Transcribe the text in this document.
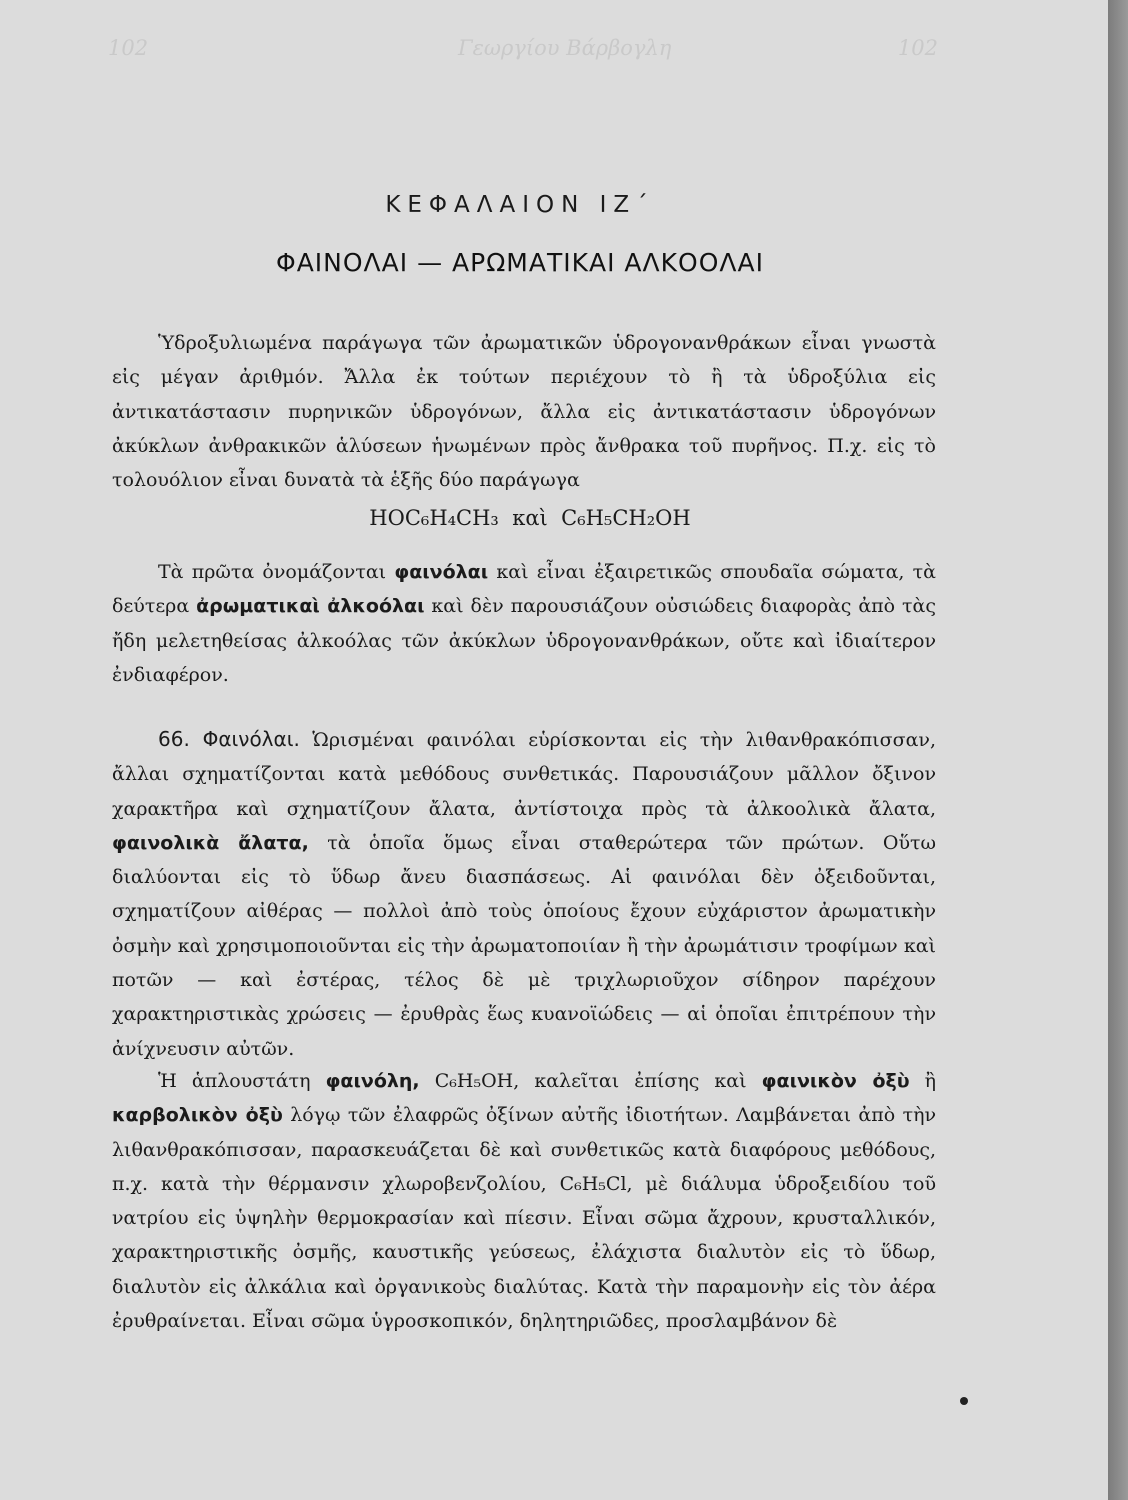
102	Γεωργίου Βάρβογλη	102
ΚΕΦΑΛΑΙΟΝ ΙΖ΄
ΦΑΙΝΟΛΑΙ — ΑΡΩΜΑΤΙΚΑΙ ΑΛΚΟΟΛΑΙ
Ὑδροξυλιωμένα παράγωγα τῶν ἀρωματικῶν ὑδρογονανθράκων εἶναι γνωστὰ εἰς μέγαν ἀριθμόν. Ἄλλα ἐκ τούτων περιέχουν τὸ ἢ τὰ ὑδροξύλια εἰς ἀντικατάστασιν πυρηνικῶν ὑδρογόνων, ἄλλα εἰς ἀντικατάστασιν ὑδρογόνων ἀκύκλων ἀνθρακικῶν ἁλύσεων ἡνωμένων πρὸς ἄνθρακα τοῦ πυρῆνος. Π.χ. εἰς τὸ τολουόλιον εἶναι δυνατὰ τὰ ἑξῆς δύο παράγωγα
HOC₆H₄CH₃ καὶ C₆H₅CH₂OH
Τὰ πρῶτα ὀνομάζονται φαινόλαι καὶ εἶναι ἐξαιρετικῶς σπουδαῖα σώματα, τὰ δεύτερα ἀρωματικαὶ ἀλκοόλαι καὶ δὲν παρουσιάζουν οὐσιώδεις διαφορὰς ἀπὸ τὰς ἤδη μελετηθείσας ἀλκοόλας τῶν ἀκύκλων ὑδρογονανθράκων, οὔτε καὶ ἰδιαίτερον ἐνδιαφέρον.
66. Φαινόλαι. Ὡρισμέναι φαινόλαι εὑρίσκονται εἰς τὴν λιθανθρακόπισσαν, ἄλλαι σχηματίζονται κατὰ μεθόδους συνθετικάς. Παρουσιάζουν μᾶλλον ὄξινον χαρακτῆρα καὶ σχηματίζουν ἄλατα, ἀντίστοιχα πρὸς τὰ ἀλκοολικὰ ἄλατα, φαινολικὰ ἄλατα, τὰ ὁποῖα ὅμως εἶναι σταθερώτερα τῶν πρώτων. Οὕτω διαλύονται εἰς τὸ ὕδωρ ἄνευ διασπάσεως. Αἱ φαινόλαι δὲν ὀξειδοῦνται, σχηματίζουν αἰθέρας — πολλοὶ ἀπὸ τοὺς ὁποίους ἔχουν εὐχάριστον ἀρωματικὴν ὀσμὴν καὶ χρησιμοποιοῦνται εἰς τὴν ἀρωματοποιίαν ἢ τὴν ἀρωμάτισιν τροφίμων καὶ ποτῶν — καὶ ἐστέρας, τέλος δὲ μὲ τριχλωριοῦχον σίδηρον παρέχουν χαρακτηριστικὰς χρώσεις — ἐρυθρὰς ἕως κυανοϊώδεις — αἱ ὁποῖαι ἐπιτρέπουν τὴν ἀνίχνευσιν αὐτῶν.
Ἡ ἁπλουστάτη φαινόλη, C₆H₅OH, καλεῖται ἐπίσης καὶ φαινικὸν ὀξὺ ἢ καρβολικὸν ὀξὺ λόγῳ τῶν ἐλαφρῶς ὀξίνων αὐτῆς ἰδιοτήτων. Λαμβάνεται ἀπὸ τὴν λιθανθρακόπισσαν, παρασκευάζεται δὲ καὶ συνθετικῶς κατὰ διαφόρους μεθόδους, π.χ. κατὰ τὴν θέρμανσιν χλωροβενζολίου, C₆H₅Cl, μὲ διάλυμα ὑδροξειδίου τοῦ νατρίου εἰς ὑψηλὴν θερμοκρασίαν καὶ πίεσιν. Εἶναι σῶμα ἄχρουν, κρυσταλλικόν, χαρακτηριστικῆς ὀσμῆς, καυστικῆς γεύσεως, ἐλάχιστα διαλυτὸν εἰς τὸ ὕδωρ, διαλυτὸν εἰς ἀλκάλια καὶ ὀργανικοὺς διαλύτας. Κατὰ τὴν παραμονὴν εἰς τὸν ἀέρα ἐρυθραίνεται. Εἶναι σῶμα ὑγροσκοπικόν, δηλητηριῶδες, προσλαμβάνον δὲ
